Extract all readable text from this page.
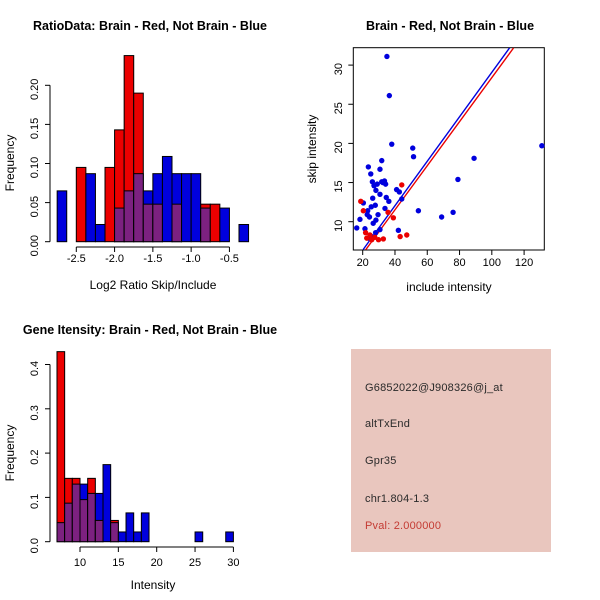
RatioData: Brain - Red, Not Brain - Blue
Log2 Ratio Skip/Include
Frequency
0.00
0.05
0.10
0.15
0.20
-2.5 -2.0 -1.5 -1.0 -0.5
Brain - Red, Not Brain - Blue
include intensity
skip intensity
20 40 60 80 100 120
10
15
20
25
30
Gene Itensity: Brain - Red, Not Brain - Blue
Intensity
Frequency
0.0
0.1
0.2
0.3
0.4
10 15 20 25 30
G6852022@J908326@j_at
altTxEnd
Gpr35
chr1.804-1.3
Pval: 2.000000
